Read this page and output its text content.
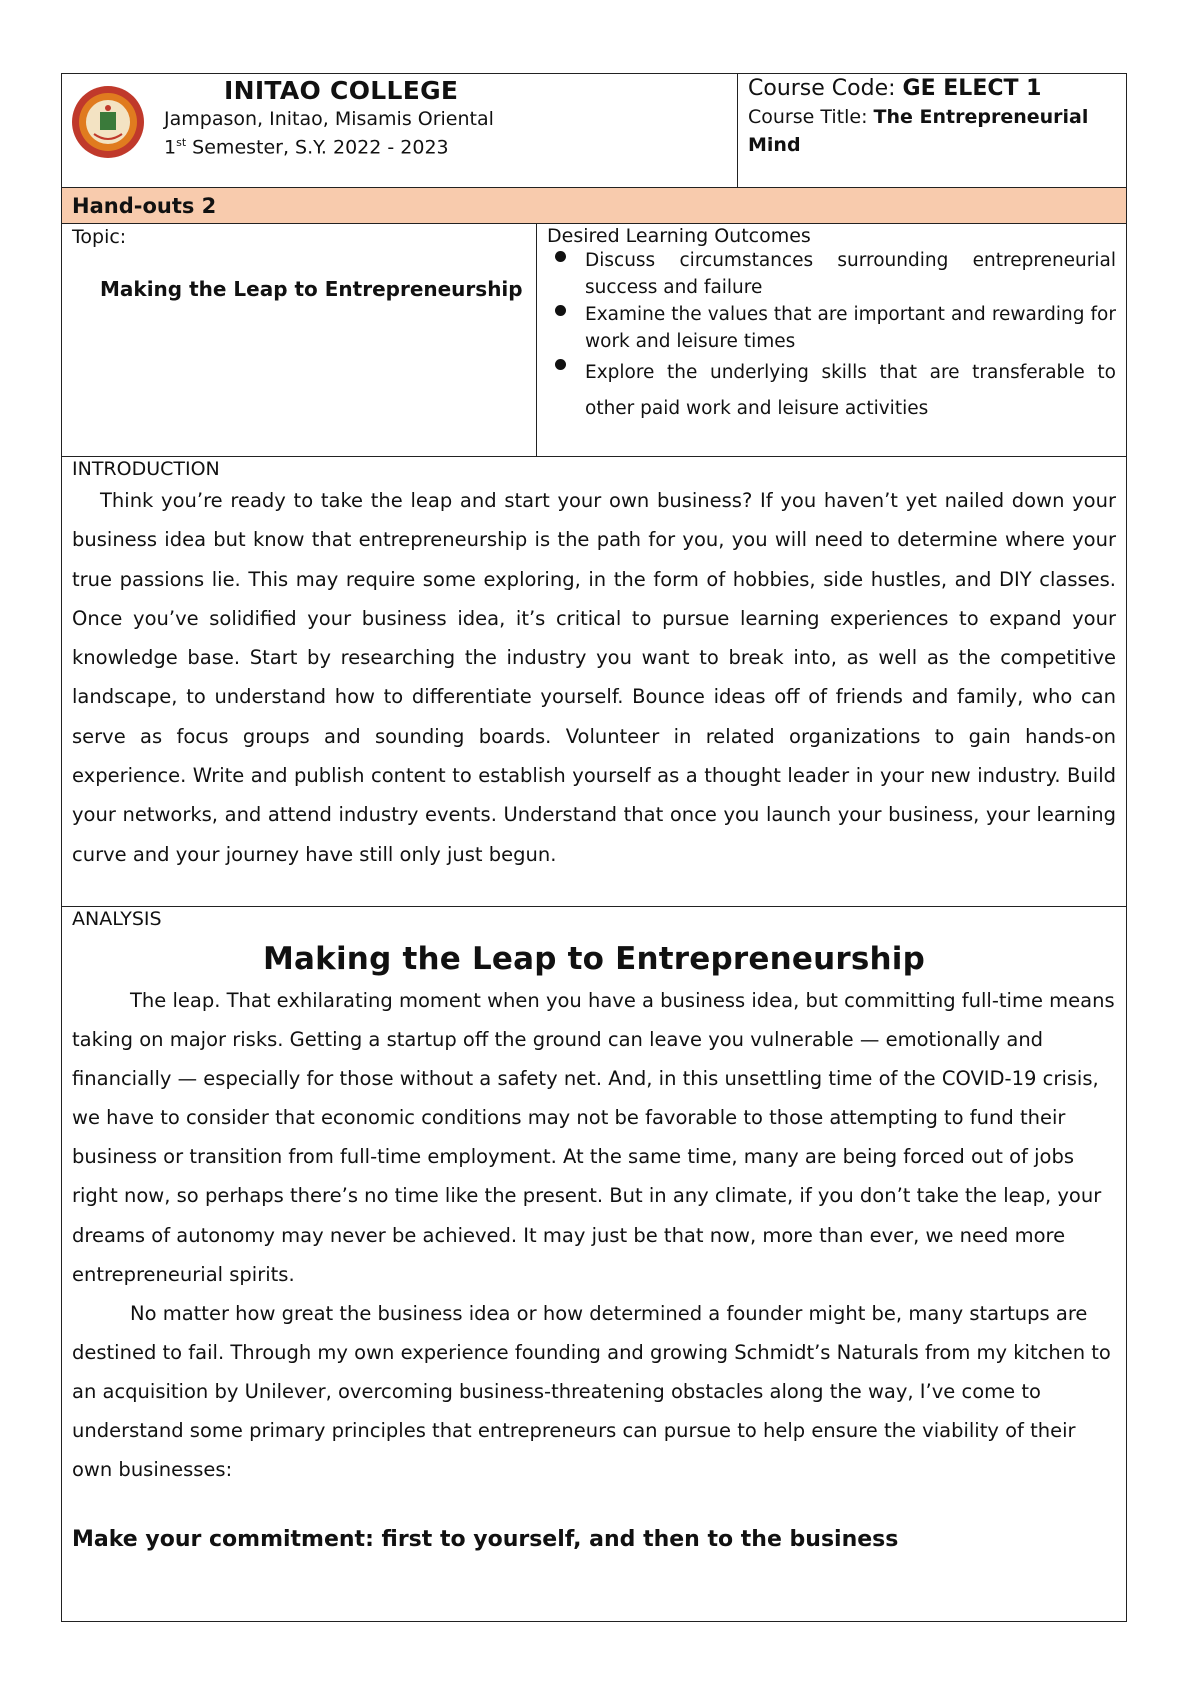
INITAO COLLEGE
Jampason, Initao, Misamis Oriental
1st Semester, S.Y. 2022 - 2023
Course Code: GE ELECT 1
Course Title: The Entrepreneurial Mind
Hand-outs 2
Topic:
Making the Leap to Entrepreneurship
Desired Learning Outcomes
Discuss circumstances surrounding entrepreneurial success and failure
Examine the values that are important and rewarding for work and leisure times
Explore the underlying skills that are transferable to other paid work and leisure activities
INTRODUCTION

Think you’re ready to take the leap and start your own business? If you haven’t yet nailed down your business idea but know that entrepreneurship is the path for you, you will need to determine where your true passions lie. This may require some exploring, in the form of hobbies, side hustles, and DIY classes. Once you’ve solidified your business idea, it’s critical to pursue learning experiences to expand your knowledge base. Start by researching the industry you want to break into, as well as the competitive landscape, to understand how to differentiate yourself. Bounce ideas off of friends and family, who can serve as focus groups and sounding boards. Volunteer in related organizations to gain hands-on experience. Write and publish content to establish yourself as a thought leader in your new industry. Build your networks, and attend industry events. Understand that once you launch your business, your learning curve and your journey have still only just begun.

ANALYSIS
Making the Leap to Entrepreneurship

The leap. That exhilarating moment when you have a business idea, but committing full-time means taking on major risks. Getting a startup off the ground can leave you vulnerable — emotionally and financially — especially for those without a safety net. And, in this unsettling time of the COVID-19 crisis, we have to consider that economic conditions may not be favorable to those attempting to fund their business or transition from full-time employment. At the same time, many are being forced out of jobs right now, so perhaps there’s no time like the present. But in any climate, if you don’t take the leap, your dreams of autonomy may never be achieved. It may just be that now, more than ever, we need more entrepreneurial spirits.

No matter how great the business idea or how determined a founder might be, many startups are destined to fail. Through my own experience founding and growing Schmidt’s Naturals from my kitchen to an acquisition by Unilever, overcoming business-threatening obstacles along the way, I’ve come to understand some primary principles that entrepreneurs can pursue to help ensure the viability of their own businesses:

Make your commitment: first to yourself, and then to the business
